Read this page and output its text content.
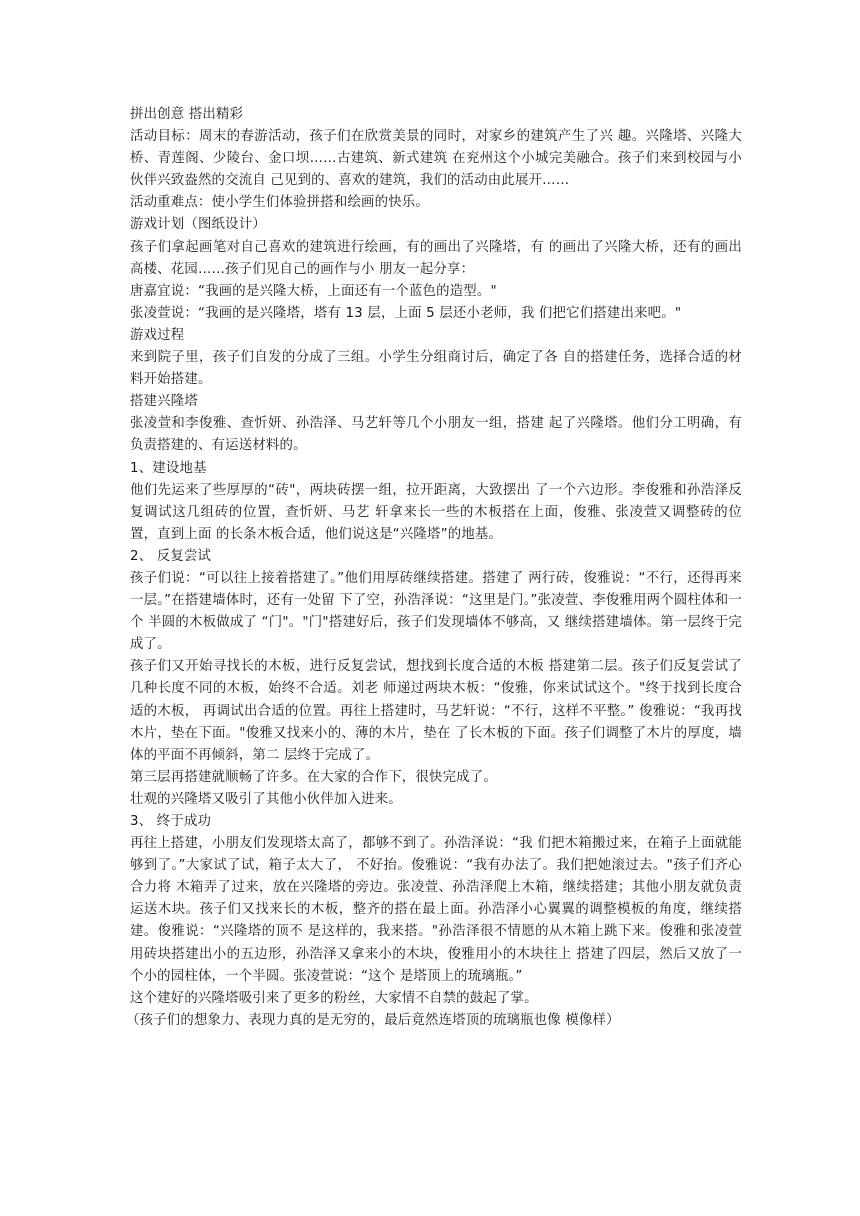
拼出创意 搭出精彩

活动目标：周末的春游活动，孩子们在欣赏美景的同时，对家乡的建筑产生了兴 趣。兴隆塔、兴隆大桥、青莲阁、少陵台、金口坝……古建筑、新式建筑 在兖州这个小城完美融合。孩子们来到校园与小伙伴兴致盎然的交流自 己见到的、喜欢的建筑，我们的活动由此展开……

活动重难点：使小学生们体验拼搭和绘画的快乐。

游戏计划（图纸设计）

孩子们拿起画笔对自己喜欢的建筑进行绘画，有的画出了兴隆塔，有 的画出了兴隆大桥，还有的画出高楼、花园……孩子们见自己的画作与小 朋友一起分享：

唐嘉宜说：“我画的是兴隆大桥，上面还有一个蓝色的造型。"

张凌萱说：“我画的是兴隆塔，塔有 13 层，上面 5 层还小老师，我 们把它们搭建出来吧。"

游戏过程

来到院子里，孩子们自发的分成了三组。小学生分组商讨后，确定了各 自的搭建任务，选择合适的材料开始搭建。

搭建兴隆塔

张凌萱和李俊雅、查忻妍、孙浩泽、马艺轩等几个小朋友一组，搭建 起了兴隆塔。他们分工明确，有负责搭建的、有运送材料的。

1、建设地基

他们先运来了些厚厚的“砖"，两块砖摆一组，拉开距离，大致摆出 了一个六边形。李俊雅和孙浩泽反复调试这几组砖的位置，查忻妍、马艺 轩拿来长一些的木板搭在上面，俊雅、张凌萱又调整砖的位置，直到上面 的长条木板合适，他们说这是“兴隆塔”的地基。

2、 反复尝试

孩子们说：“可以往上接着搭建了。”他们用厚砖继续搭建。搭建了 两行砖，俊雅说：“不行，还得再来一层。”在搭建墙体时，还有一处留 下了空，孙浩泽说：“这里是门。”张凌萱、李俊雅用两个圆柱体和一个 半圆的木板做成了 “门"。"门"搭建好后，孩子们发现墙体不够高，又 继续搭建墙体。第一层终于完成了。

孩子们又开始寻找长的木板，进行反复尝试，想找到长度合适的木板 搭建第二层。孩子们反复尝试了几种长度不同的木板，始终不合适。刘老 师递过两块木板：“俊雅，你来试试这个。"终于找到长度合适的木板， 再调试出合适的位置。再往上搭建时，马艺轩说：“不行，这样不平整。” 俊雅说：“我再找木片，垫在下面。"俊雅又找来小的、薄的木片，垫在 了长木板的下面。孩子们调整了木片的厚度，墙体的平面不再倾斜，第二 层终于完成了。

第三层再搭建就顺畅了许多。在大家的合作下，很快完成了。

壮观的兴隆塔又吸引了其他小伙伴加入进来。

3、 终于成功

再往上搭建，小朋友们发现塔太高了，都够不到了。孙浩泽说：“我 们把木箱搬过来，在箱子上面就能够到了。”大家试了试，箱子太大了， 不好抬。俊雅说：“我有办法了。我们把她滚过去。"孩子们齐心合力将 木箱弄了过来，放在兴隆塔的旁边。张凌萱、孙浩泽爬上木箱，继续搭建；其他小朋友就负责运送木块。孩子们又找来长的木板，整齐的搭在最上面。孙浩泽小心翼翼的调整模板的角度，继续搭建。俊雅说：“兴隆塔的顶不 是这样的，我来搭。"孙浩泽很不情愿的从木箱上跳下来。俊雅和张凌萱 用砖块搭建出小的五边形，孙浩泽又拿来小的木块，俊雅用小的木块往上 搭建了四层，然后又放了一个小的园柱体，一个半圆。张凌萱说：“这个 是塔顶上的琉璃瓶。”

这个建好的兴隆塔吸引来了更多的粉丝，大家情不自禁的鼓起了掌。

（孩子们的想象力、表现力真的是无穷的，最后竟然连塔顶的琉璃瓶也像 模像样）
